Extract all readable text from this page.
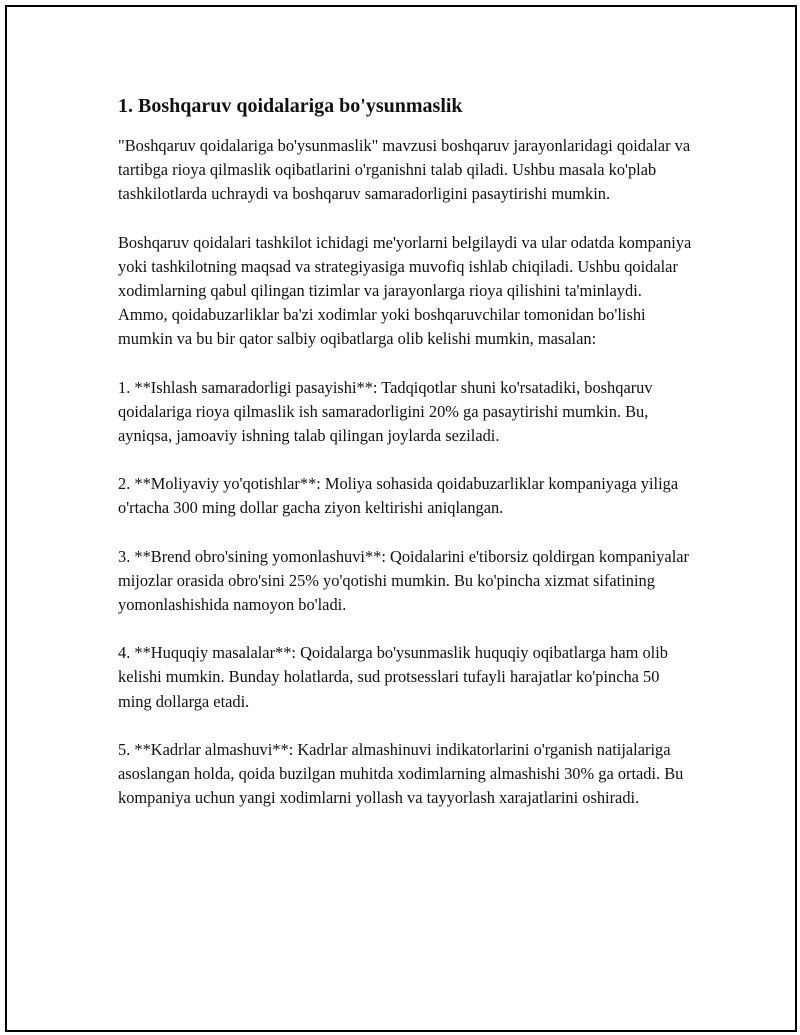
1. Boshqaruv qoidalariga bo'ysunmaslik

"Boshqaruv qoidalariga bo'ysunmaslik" mavzusi boshqaruv jarayonlaridagi qoidalar va tartibga rioya qilmaslik oqibatlarini o'rganishni talab qiladi. Ushbu masala ko'plab tashkilotlarda uchraydi va boshqaruv samaradorligini pasaytirishi mumkin.

Boshqaruv qoidalari tashkilot ichidagi me'yorlarni belgilaydi va ular odatda kompaniya yoki tashkilotning maqsad va strategiyasiga muvofiq ishlab chiqiladi. Ushbu qoidalar xodimlarning qabul qilingan tizimlar va jarayonlarga rioya qilishini ta'minlaydi. Ammo, qoidabuzarliklar ba'zi xodimlar yoki boshqaruvchilar tomonidan bo'lishi mumkin va bu bir qator salbiy oqibatlarga olib kelishi mumkin, masalan:

1. **Ishlash samaradorligi pasayishi**: Tadqiqotlar shuni ko'rsatadiki, boshqaruv qoidalariga rioya qilmaslik ish samaradorligini 20% ga pasaytirishi mumkin. Bu, ayniqsa, jamoaviy ishning talab qilingan joylarda seziladi.

2. **Moliyaviy yo'qotishlar**: Moliya sohasida qoidabuzarliklar kompaniyaga yiliga o'rtacha 300 ming dollar gacha ziyon keltirishi aniqlangan.

3. **Brend obro'sining yomonlashuvi**: Qoidalarini e'tiborsiz qoldirgan kompaniyalar mijozlar orasida obro'sini 25% yo'qotishi mumkin. Bu ko'pincha xizmat sifatining yomonlashishida namoyon bo'ladi.

4. **Huquqiy masalalar**: Qoidalarga bo'ysunmaslik huquqiy oqibatlarga ham olib kelishi mumkin. Bunday holatlarda, sud protsesslari tufayli harajatlar ko'pincha 50 ming dollarga etadi.

5. **Kadrlar almashuvi**: Kadrlar almashinuvi indikatorlarini o'rganish natijalariga asoslangan holda, qoida buzilgan muhitda xodimlarning almashishi 30% ga ortadi. Bu kompaniya uchun yangi xodimlarni yollash va tayyorlash xarajatlarini oshiradi.
